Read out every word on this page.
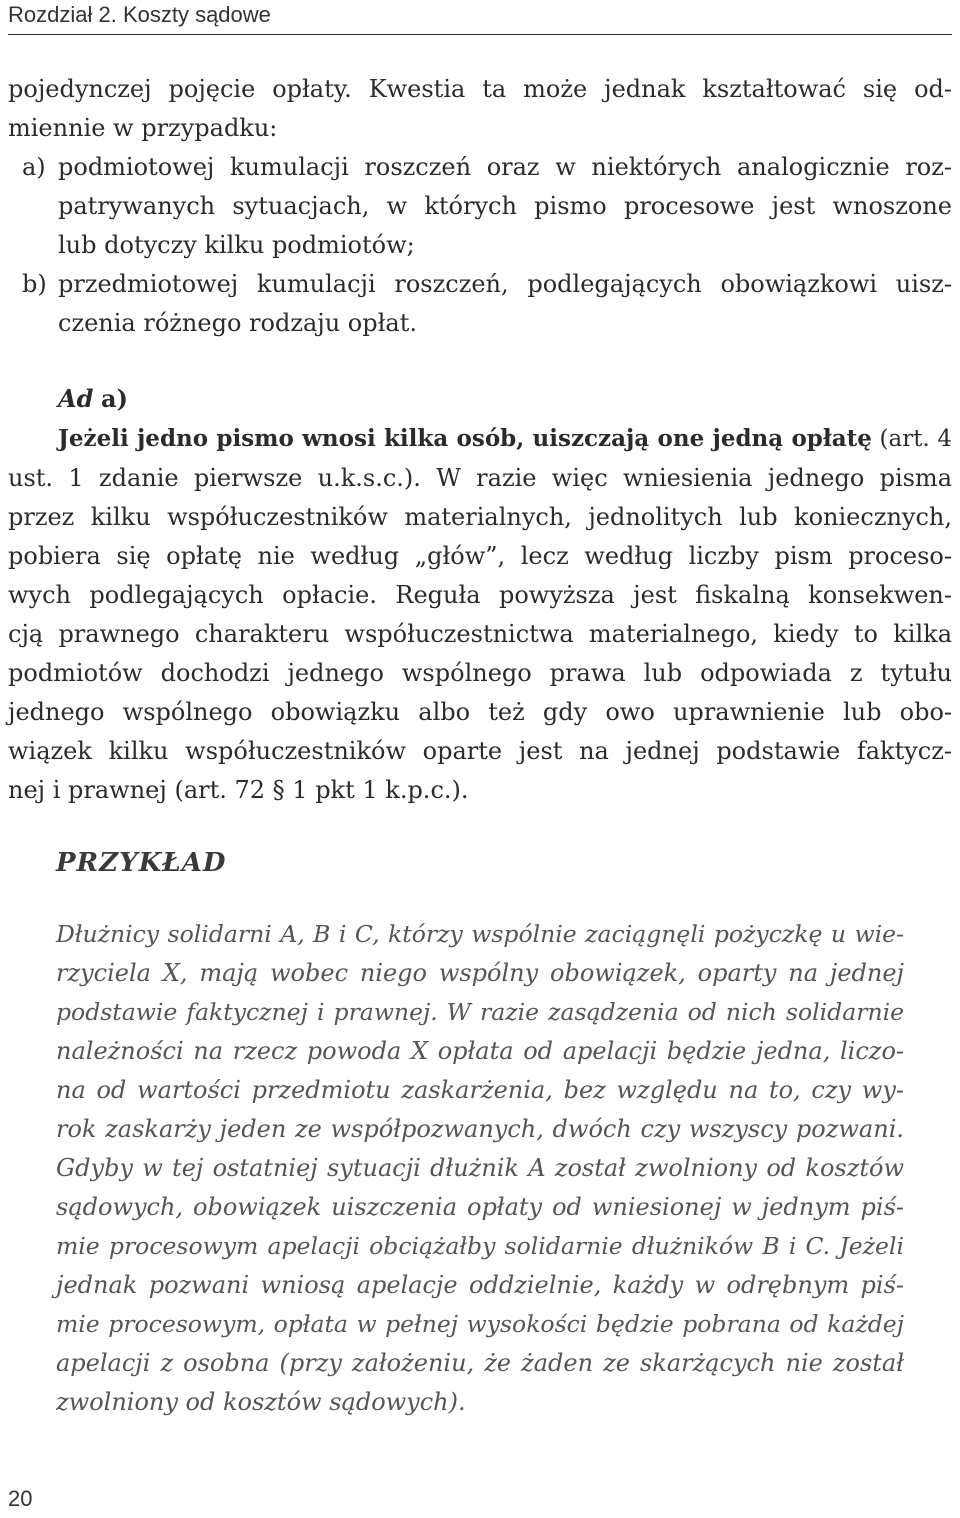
Rozdział 2. Koszty sądowe
pojedynczej pojęcie opłaty. Kwestia ta może jednak kształtować się od-
miennie w przypadku:
a) podmiotowej kumulacji roszczeń oraz w niektórych analogicznie roz-
patrywanych sytuacjach, w których pismo procesowe jest wnoszone
lub dotyczy kilku podmiotów;
b) przedmiotowej kumulacji roszczeń, podlegających obowiązkowi uisz-
czenia różnego rodzaju opłat.
Ad a)
Jeżeli jedno pismo wnosi kilka osób, uiszczają one jedną opłatę (art. 4
ust. 1 zdanie pierwsze u.k.s.c.). W razie więc wniesienia jednego pisma
przez kilku współuczestników materialnych, jednolitych lub koniecznych,
pobiera się opłatę nie według „głów”, lecz według liczby pism proceso-
wych podlegających opłacie. Reguła powyższa jest fiskalną konsekwen-
cją prawnego charakteru współuczestnictwa materialnego, kiedy to kilka
podmiotów dochodzi jednego wspólnego prawa lub odpowiada z tytułu
jednego wspólnego obowiązku albo też gdy owo uprawnienie lub obo-
wiązek kilku współuczestników oparte jest na jednej podstawie faktycz-
nej i prawnej (art. 72 § 1 pkt 1 k.p.c.).
PRZYKŁAD
Dłużnicy solidarni A, B i C, którzy wspólnie zaciągnęli pożyczkę u wie-
rzyciela X, mają wobec niego wspólny obowiązek, oparty na jednej
podstawie faktycznej i prawnej. W razie zasądzenia od nich solidarnie
należności na rzecz powoda X opłata od apelacji będzie jedna, liczo-
na od wartości przedmiotu zaskarżenia, bez względu na to, czy wy-
rok zaskarży jeden ze współpozwanych, dwóch czy wszyscy pozwani.
Gdyby w tej ostatniej sytuacji dłużnik A został zwolniony od kosztów
sądowych, obowiązek uiszczenia opłaty od wniesionej w jednym piś-
mie procesowym apelacji obciążałby solidarnie dłużników B i C. Jeżeli
jednak pozwani wniosą apelacje oddzielnie, każdy w odrębnym piś-
mie procesowym, opłata w pełnej wysokości będzie pobrana od każdej
apelacji z osobna (przy założeniu, że żaden ze skarżących nie został
zwolniony od kosztów sądowych).
20
